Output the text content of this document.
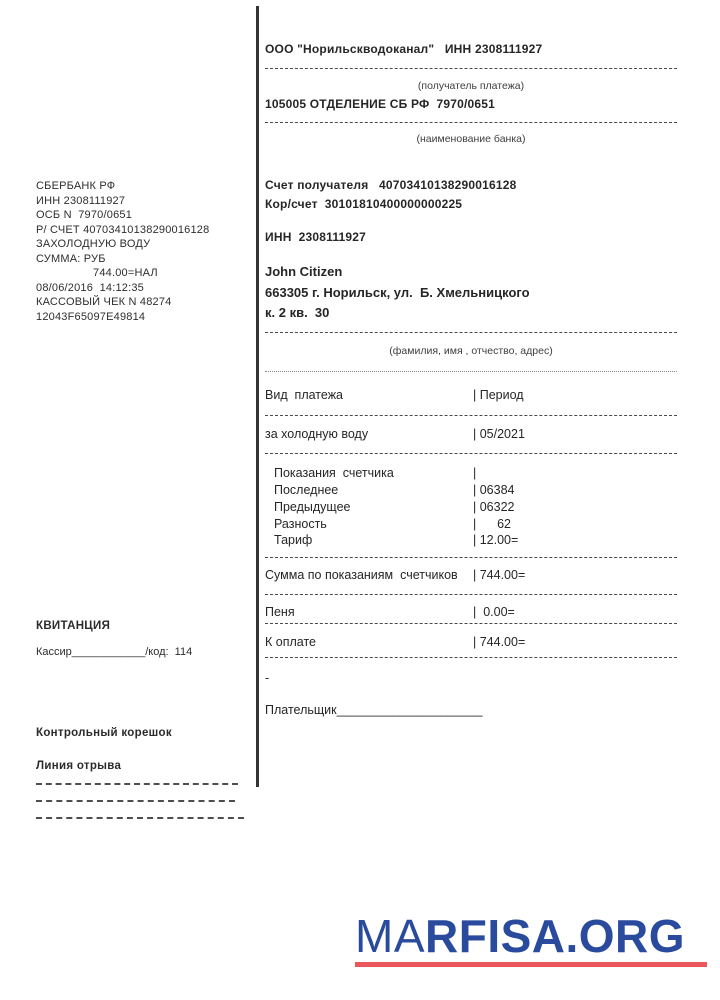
СБЕРБАНК РФ
ИНН 2308111927
ОСБ N  7970/0651
Р/ СЧЕТ 40703410138290016128
ЗАХОЛОДНУЮ ВОДУ
СУММА: РУБ
744.00=НАЛ
08/06/2016  14:12:35
КАССОВЫЙ ЧЕК N 48274
12043F65097E49814
КВИТАНЦИЯ
Кассир____________/код:  114
Контрольный корешок
Линия отрыва
ООО "Норильскводоканал"   ИНН 2308111927
(получатель платежа)
105005 ОТДЕЛЕНИЕ СБ РФ  7970/0651
(наименование банка)
Счет получателя   40703410138290016128
Кор/счет  30101810400000000225
ИНН  2308111927
John Citizen
663305 г. Норильск, ул.  Б. Хмельницкого
к. 2 кв.  30
(фамилия, имя , отчество, адрес)
Вид  платежа	| Период
за холодную воду	| 05/2021
Показания  счетчика	|
Последнее	| 06384
Предыдущее	| 06322
Разность	|      62
Тариф	| 12.00=
Сумма по показаниям  счетчиков | 744.00=
Пеня	|  0.00=
К оплате	| 744.00=
-
Плательщик_____________________
MARFISA.ORG
